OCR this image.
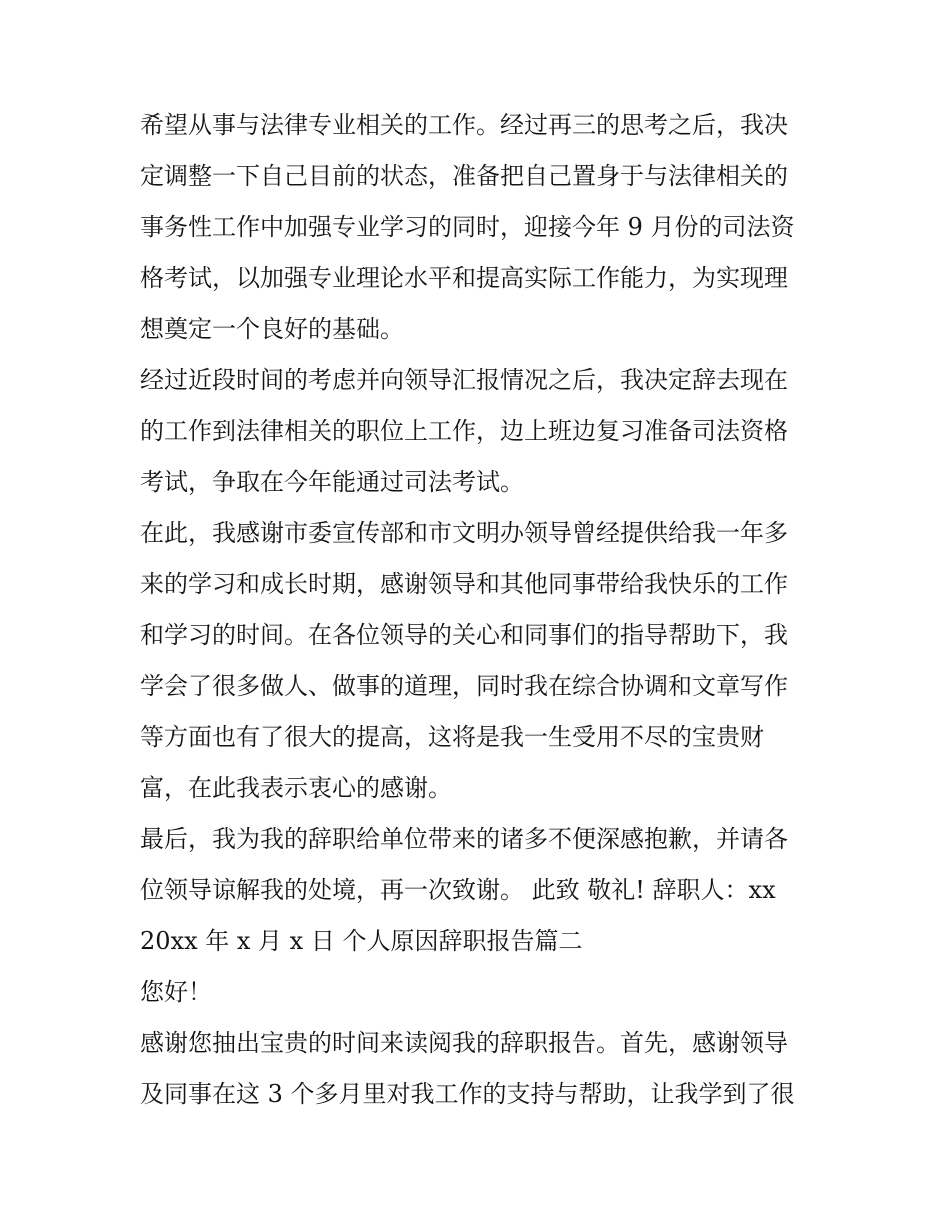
希望从事与法律专业相关的工作。经过再三的思考之后，我决
定调整一下自己目前的状态，准备把自己置身于与法律相关的
事务性工作中加强专业学习的同时，迎接今年 9 月份的司法资
格考试，以加强专业理论水平和提高实际工作能力，为实现理
想奠定一个良好的基础。
经过近段时间的考虑并向领导汇报情况之后，我决定辞去现在
的工作到法律相关的职位上工作，边上班边复习准备司法资格
考试，争取在今年能通过司法考试。
在此，我感谢市委宣传部和市文明办领导曾经提供给我一年多
来的学习和成长时期，感谢领导和其他同事带给我快乐的工作
和学习的时间。在各位领导的关心和同事们的指导帮助下，我
学会了很多做人、做事的道理，同时我在综合协调和文章写作
等方面也有了很大的提高，这将是我一生受用不尽的宝贵财
富，在此我表示衷心的感谢。
最后，我为我的辞职给单位带来的诸多不便深感抱歉，并请各
位领导谅解我的处境，再一次致谢。 此致 敬礼! 辞职人：xx
20xx 年 x 月 x 日 个人原因辞职报告篇二
您好！
感谢您抽出宝贵的时间来读阅我的辞职报告。首先，感谢领导
及同事在这 3 个多月里对我工作的支持与帮助，让我学到了很
